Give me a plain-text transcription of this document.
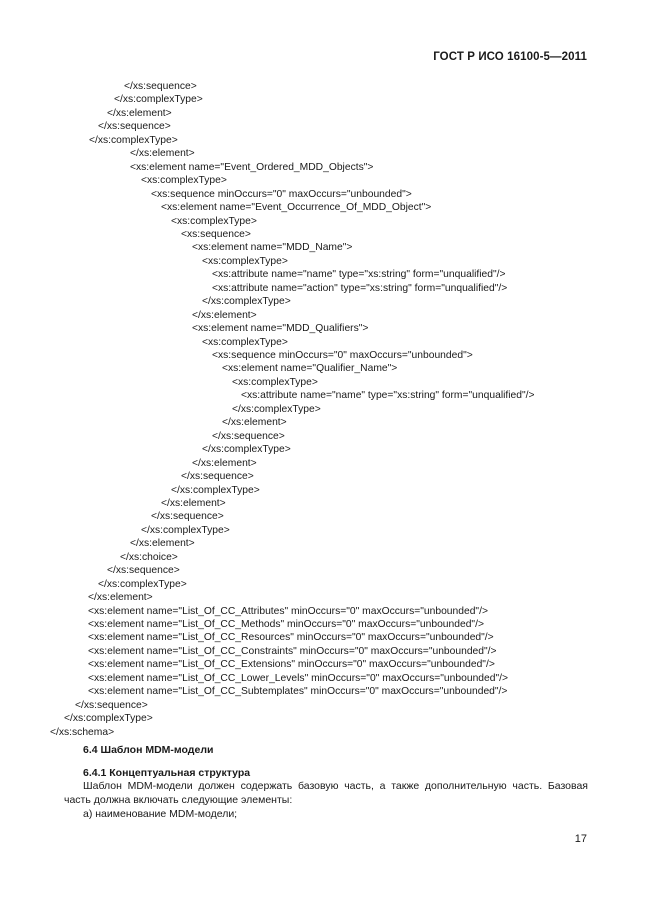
ГОСТ Р ИСО 16100-5—2011
</xs:sequence>
</xs:complexType>
</xs:element>
</xs:sequence>
</xs:complexType>
</xs:element>
<xs:element name="Event_Ordered_MDD_Objects">
<xs:complexType>
<xs:sequence minOccurs="0" maxOccurs="unbounded">
<xs:element name="Event_Occurrence_Of_MDD_Object">
<xs:complexType>
<xs:sequence>
<xs:element name="MDD_Name">
<xs:complexType>
<xs:attribute name="name" type="xs:string" form="unqualified"/>
<xs:attribute name="action" type="xs:string" form="unqualified"/>
</xs:complexType>
</xs:element>
<xs:element name="MDD_Qualifiers">
<xs:complexType>
<xs:sequence minOccurs="0" maxOccurs="unbounded">
<xs:element name="Qualifier_Name">
<xs:complexType>
<xs:attribute name="name" type="xs:string" form="unqualified"/>
</xs:complexType>
</xs:element>
</xs:sequence>
</xs:complexType>
</xs:element>
</xs:sequence>
</xs:complexType>
</xs:element>
</xs:sequence>
</xs:complexType>
</xs:element>
</xs:choice>
</xs:sequence>
</xs:complexType>
</xs:element>
<xs:element name="List_Of_CC_Attributes" minOccurs="0" maxOccurs="unbounded"/>
<xs:element name="List_Of_CC_Methods" minOccurs="0" maxOccurs="unbounded"/>
<xs:element name="List_Of_CC_Resources" minOccurs="0" maxOccurs="unbounded"/>
<xs:element name="List_Of_CC_Constraints" minOccurs="0" maxOccurs="unbounded"/>
<xs:element name="List_Of_CC_Extensions" minOccurs="0" maxOccurs="unbounded"/>
<xs:element name="List_Of_CC_Lower_Levels" minOccurs="0" maxOccurs="unbounded"/>
<xs:element name="List_Of_CC_Subtemplates" minOccurs="0" maxOccurs="unbounded"/>
</xs:sequence>
</xs:complexType>
</xs:schema>
6.4 Шаблон MDM-модели
6.4.1 Концептуальная структура
Шаблон MDM-модели должен содержать базовую часть, а также дополнительную часть. Базовая
часть должна включать следующие элементы:
а) наименование MDM-модели;
17
